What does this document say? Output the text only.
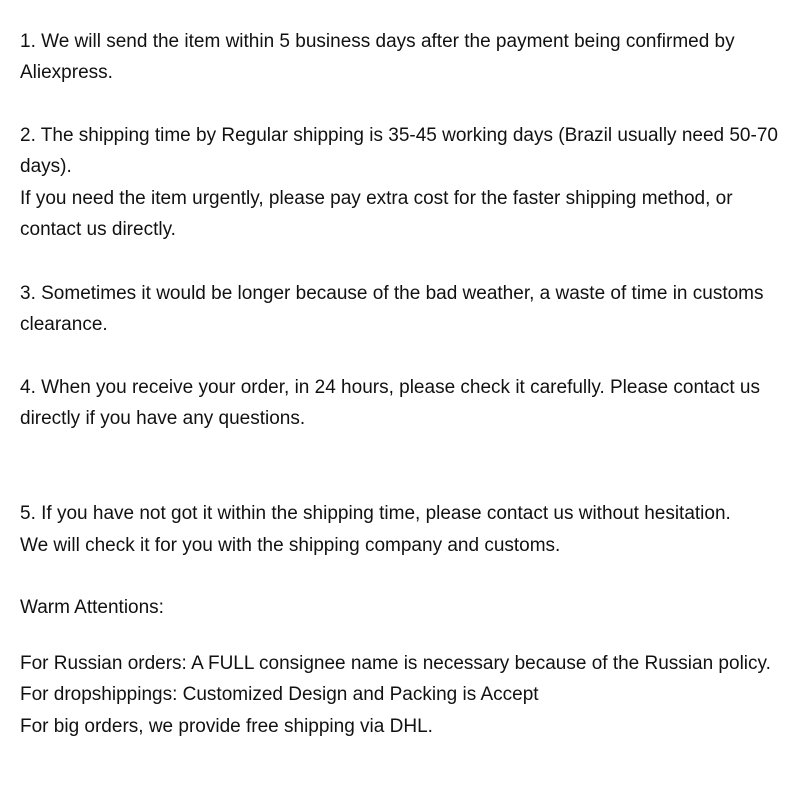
1. We will send the item within 5 business days after the payment being confirmed by

Aliexpress.

2. The shipping time by Regular shipping is 35-45 working days (Brazil usually need 50-70

days).

If you need the item urgently, please pay extra cost for the faster shipping method, or

contact us directly.

3. Sometimes it would be longer because of the bad weather, a waste of time in customs

clearance.

4. When you receive your order, in 24 hours, please check it carefully. Please contact us

directly if you have any questions.

5. If you have not got it within the shipping time, please contact us without hesitation.

We will check it for you with the shipping company and customs.

Warm Attentions:

For Russian orders: A FULL consignee name is necessary because of the Russian policy.

For dropshippings: Customized Design and Packing is Accept

For big orders, we provide free shipping via DHL.
